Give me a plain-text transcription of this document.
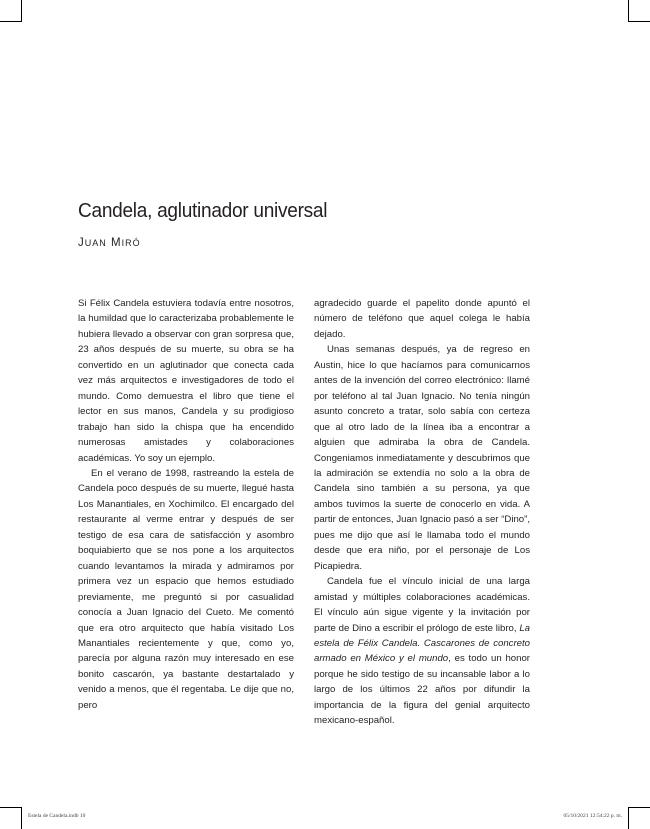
Candela, aglutinador universal
JUAN MIRÓ

Si Félix Candela estuviera todavía entre nosotros, la humildad que lo caracterizaba probablemente le hubiera llevado a observar con gran sorpresa que, 23 años después de su muerte, su obra se ha convertido en un aglutinador que conecta cada vez más arquitectos e investigadores de todo el mundo. Como demuestra el libro que tiene el lector en sus manos, Candela y su prodigioso trabajo han sido la chispa que ha encendido numerosas amistades y colaboraciones académicas. Yo soy un ejemplo.

En el verano de 1998, rastreando la estela de Candela poco después de su muerte, llegué hasta Los Manantiales, en Xochimilco. El encargado del restaurante al verme entrar y después de ser testigo de esa cara de satisfacción y asombro boquiabierto que se nos pone a los arquitectos cuando levantamos la mirada y admiramos por primera vez un espacio que hemos estudiado previamente, me preguntó si por casualidad conocía a Juan Ignacio del Cueto. Me comentó que era otro arquitecto que había visitado Los Manantiales recientemente y que, como yo, parecía por alguna razón muy interesado en ese bonito cascarón, ya bastante destartalado y venido a menos, que él regentaba. Le dije que no, pero

agradecido guarde el papelito donde apuntó el número de teléfono que aquel colega le había dejado.

Unas semanas después, ya de regreso en Austin, hice lo que hacíamos para comunicarnos antes de la invención del correo electrónico: llamé por teléfono al tal Juan Ignacio. No tenía ningún asunto concreto a tratar, solo sabía con certeza que al otro lado de la línea iba a encontrar a alguien que admiraba la obra de Candela. Congeniamos inmediatamente y descubrimos que la admiración se extendía no solo a la obra de Candela sino también a su persona, ya que ambos tuvimos la suerte de conocerlo en vida. A partir de entonces, Juan Ignacio pasó a ser “Dino”, pues me dijo que así le llamaba todo el mundo desde que era niño, por el personaje de Los Picapiedra.

Candela fue el vínculo inicial de una larga amistad y múltiples colaboraciones académicas. El vínculo aún sigue vigente y la invitación por parte de Dino a escribir el prólogo de este libro, La estela de Félix Candela. Cascarones de concreto armado en México y el mundo, es todo un honor porque he sido testigo de su incansable labor a lo largo de los últimos 22 años por difundir la importancia de la figura del genial arquitecto mexicano-español.

Estela de Candela.indb 10	05/10/2021 12:54:22 p. m.
